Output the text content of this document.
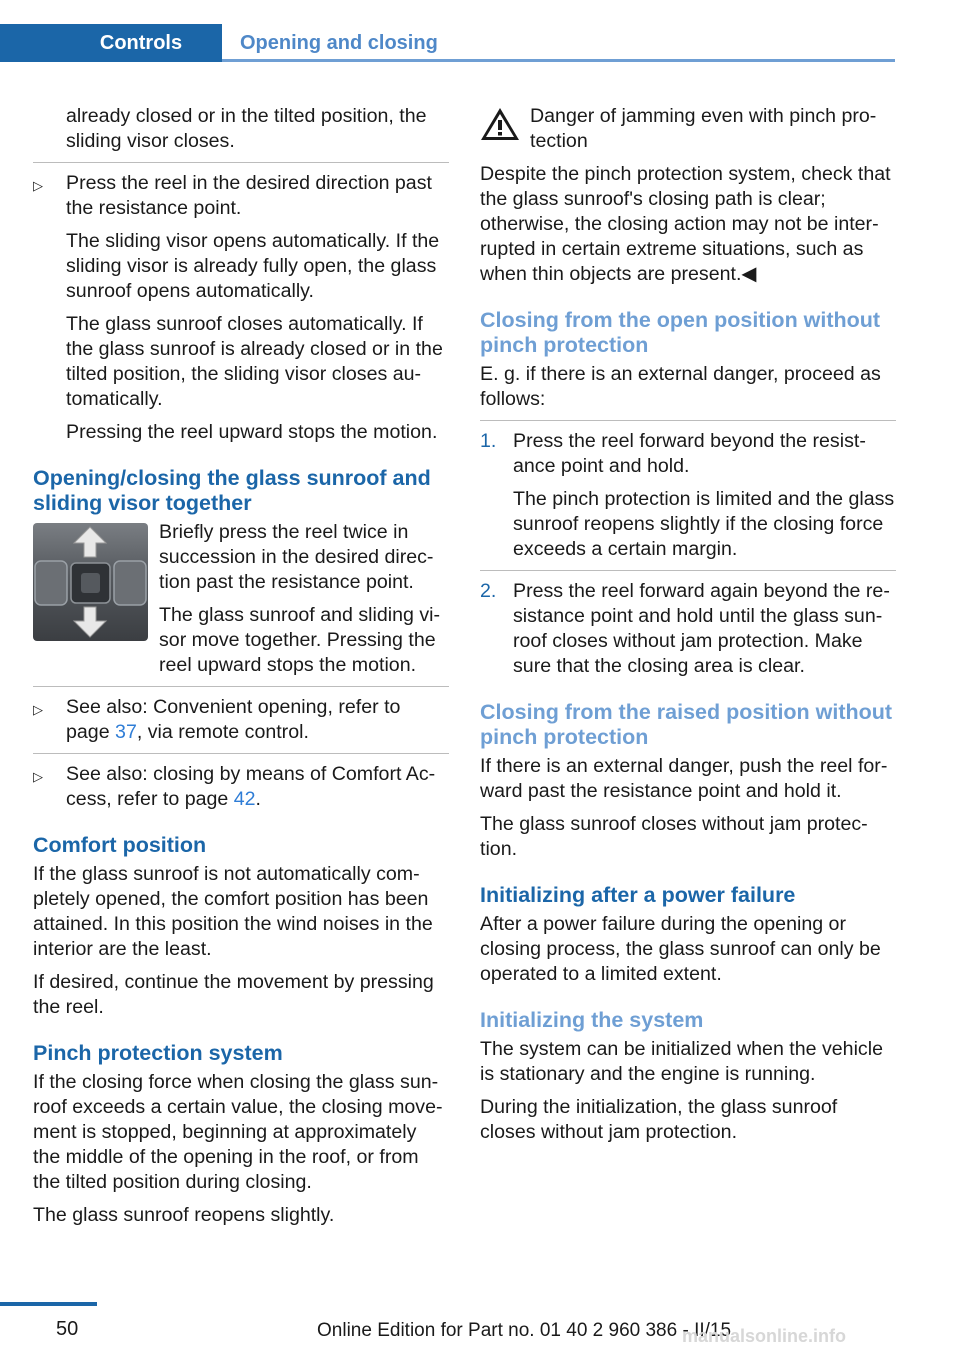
Controls	Opening and closing

already closed or in the tilted position, the sliding visor closes.

▷ Press the reel in the desired direction past the resistance point.

The sliding visor opens automatically. If the sliding visor is already fully open, the glass sunroof opens automatically.

The glass sunroof closes automatically. If the glass sunroof is already closed or in the tilted position, the sliding visor closes au‐ tomatically.

Pressing the reel upward stops the motion.

Opening/closing the glass sunroof and sliding visor together

Briefly press the reel twice in succession in the desired direc‐ tion past the resistance point.

The glass sunroof and sliding vi‐ sor move together. Pressing the reel upward stops the motion.

▷ See also: Convenient opening, refer to page 37, via remote control.

▷ See also: closing by means of Comfort Ac‐ cess, refer to page 42.

Comfort position

If the glass sunroof is not automatically com‐ pletely opened, the comfort position has been attained. In this position the wind noises in the interior are the least.

If desired, continue the movement by pressing the reel.

Pinch protection system

If the closing force when closing the glass sun‐ roof exceeds a certain value, the closing move‐ ment is stopped, beginning at approximately the middle of the opening in the roof, or from the tilted position during closing.

The glass sunroof reopens slightly.

Danger of jamming even with pinch pro‐ tection

Despite the pinch protection system, check that the glass sunroof's closing path is clear; otherwise, the closing action may not be inter‐ rupted in certain extreme situations, such as when thin objects are present.◀

Closing from the open position without pinch protection

E. g. if there is an external danger, proceed as follows:

1. Press the reel forward beyond the resist‐ ance point and hold.

The pinch protection is limited and the glass sunroof reopens slightly if the closing force exceeds a certain margin.

2. Press the reel forward again beyond the re‐ sistance point and hold until the glass sun‐ roof closes without jam protection. Make sure that the closing area is clear.

Closing from the raised position without pinch protection

If there is an external danger, push the reel for‐ ward past the resistance point and hold it.

The glass sunroof closes without jam protec‐ tion.

Initializing after a power failure

After a power failure during the opening or closing process, the glass sunroof can only be operated to a limited extent.

Initializing the system

The system can be initialized when the vehicle is stationary and the engine is running.

During the initialization, the glass sunroof closes without jam protection.

50	Online Edition for Part no. 01 40 2 960 386 - II/15
manualsonline.info
